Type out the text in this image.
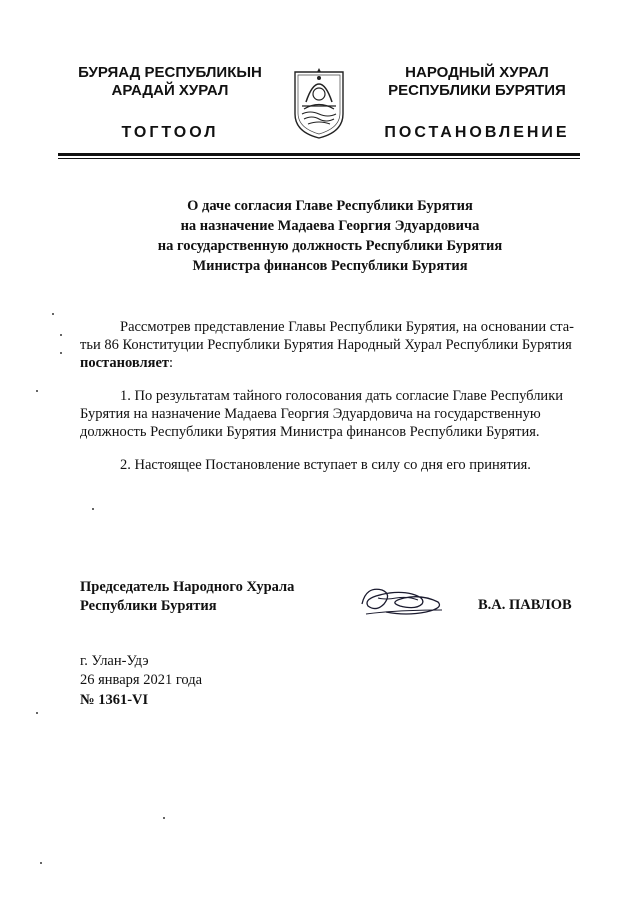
БУРЯАД РЕСПУБЛИКЫН
АРАДАЙ ХУРАЛ
НАРОДНЫЙ ХУРАЛ
РЕСПУБЛИКИ БУРЯТИЯ
ТОГТООЛ	ПОСТАНОВЛЕНИЕ
О даче согласия Главе Республики Бурятия
на назначение Мадаева Георгия Эдуардовича
на государственную должность Республики Бурятия
Министра финансов Республики Бурятия
Рассмотрев представление Главы Республики Бурятия, на основании ста-
тьи 86 Конституции Республики Бурятия Народный Хурал Республики Бурятия
постановляет:
1. По результатам тайного голосования дать согласие Главе Республики
Бурятия на назначение Мадаева Георгия Эдуардовича на государственную
должность Республики Бурятия Министра финансов Республики Бурятия.
2. Настоящее Постановление вступает в силу со дня его принятия.
Председатель Народного Хурала
Республики Бурятия	В.А. ПАВЛОВ
г. Улан-Удэ
26 января 2021 года
№ 1361-VI
